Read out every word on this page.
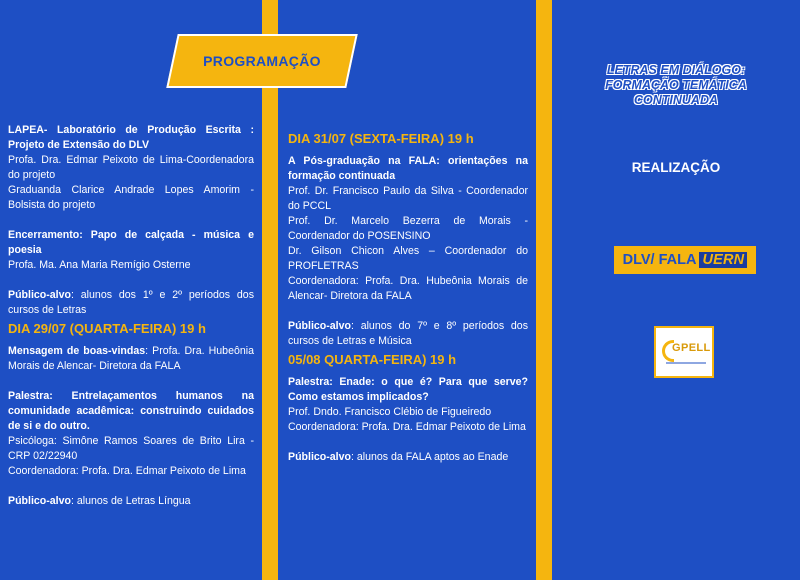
LAPEA- Laboratório de Produção Escrita : Projeto de Extensão do DLV

Profa. Dra. Edmar Peixoto de Lima-Coordenadora do projeto

Graduanda Clarice Andrade Lopes Amorim - Bolsista do projeto

Encerramento: Papo de calçada - música e poesia

Profa. Ma. Ana Maria Remígio Osterne

Público-alvo: alunos dos 1º e 2º períodos dos cursos de Letras

DIA 29/07 (QUARTA-FEIRA) 19 h

Mensagem de boas-vindas: Profa. Dra. Hubeônia Morais de Alencar- Diretora da FALA

Palestra: Entrelaçamentos humanos na comunidade acadêmica: construindo cuidados de si e do outro.

Psicóloga: Simône Ramos Soares de Brito Lira - CRP 02/22940

Coordenadora: Profa. Dra. Edmar Peixoto de Lima

Público-alvo: alunos de Letras Língua

DIA 31/07 (SEXTA-FEIRA) 19 h

A Pós-graduação na FALA: orientações na formação continuada

Prof. Dr. Francisco Paulo da Silva - Coordenador do PCCL

Prof. Dr. Marcelo Bezerra de Morais - Coordenador do POSENSINO

Dr. Gilson Chicon Alves – Coordenador do PROFLETRAS

Coordenadora: Profa. Dra. Hubeônia Morais de Alencar- Diretora da FALA

Público-alvo: alunos do 7º e 8º períodos dos cursos de Letras e Música

05/08 QUARTA-FEIRA) 19 h

Palestra: Enade: o que é? Para que serve? Como estamos implicados?

Prof. Dndo. Francisco Clébio de Figueiredo

Coordenadora: Profa. Dra. Edmar Peixoto de Lima

Público-alvo: alunos da FALA aptos ao Enade

LETRAS EM DIÁLOGO:
FORMAÇÃO TEMÁTICA
CONTINUADA
REALIZAÇÃO
DLV/ FALA UERN
GPELL
PROGRAMAÇÃO
